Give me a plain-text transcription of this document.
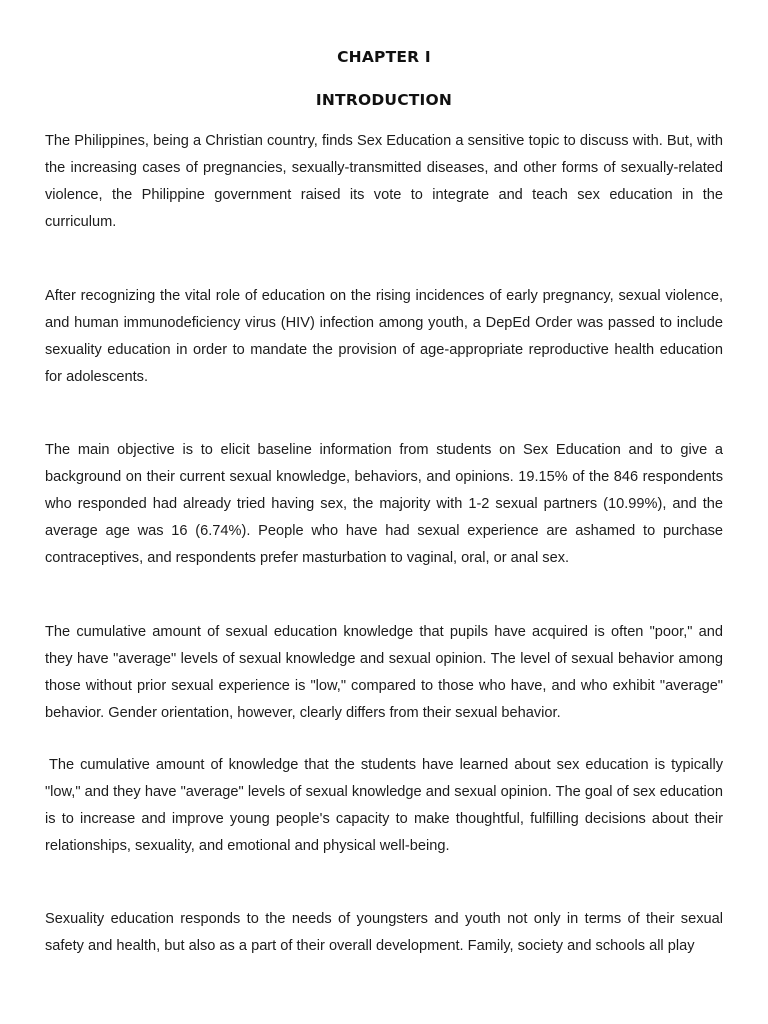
CHAPTER I
INTRODUCTION

The Philippines, being a Christian country, finds Sex Education a sensitive topic to discuss with. But, with the increasing cases of pregnancies, sexually-transmitted diseases, and other forms of sexually-related violence, the Philippine government raised its vote to integrate and teach sex education in the curriculum.

After recognizing the vital role of education on the rising incidences of early pregnancy, sexual violence, and human immunodeficiency virus (HIV) infection among youth, a DepEd Order was passed to include sexuality education in order to mandate the provision of age-appropriate reproductive health education for adolescents.

The main objective is to elicit baseline information from students on Sex Education and to give a background on their current sexual knowledge, behaviors, and opinions. 19.15% of the 846 respondents who responded had already tried having sex, the majority with 1-2 sexual partners (10.99%), and the average age was 16 (6.74%). People who have had sexual experience are ashamed to purchase contraceptives, and respondents prefer masturbation to vaginal, oral, or anal sex.

The cumulative amount of sexual education knowledge that pupils have acquired is often "poor," and they have "average" levels of sexual knowledge and sexual opinion. The level of sexual behavior among those without prior sexual experience is "low," compared to those who have, and who exhibit "average" behavior. Gender orientation, however, clearly differs from their sexual behavior.

The cumulative amount of knowledge that the students have learned about sex education is typically "low," and they have "average" levels of sexual knowledge and sexual opinion. The goal of sex education is to increase and improve young people's capacity to make thoughtful, fulfilling decisions about their relationships, sexuality, and emotional and physical well-being.

Sexuality education responds to the needs of youngsters and youth not only in terms of their sexual safety and health, but also as a part of their overall development. Family, society and schools all play
